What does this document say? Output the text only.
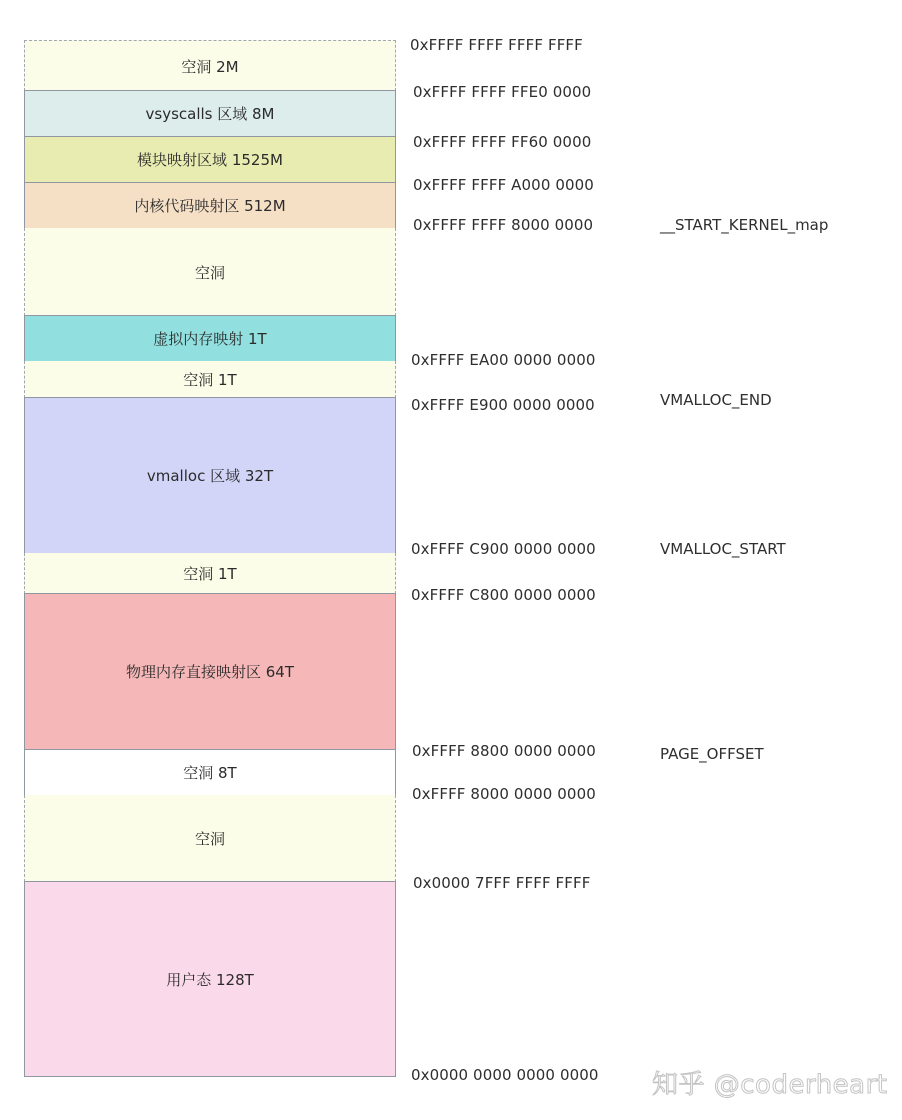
空洞 2M
vsyscalls 区域 8M
模块映射区域 1525M
内核代码映射区 512M
空洞
虚拟内存映射 1T
空洞 1T
vmalloc 区域 32T
空洞 1T
物理内存直接映射区 64T
空洞 8T
空洞
用户态 128T
0xFFFF FFFF FFFF FFFF
0xFFFF FFFF FFE0 0000
0xFFFF FFFF FF60 0000
0xFFFF FFFF A000 0000
0xFFFF FFFF 8000 0000
0xFFFF EA00 0000 0000
0xFFFF E900 0000 0000
0xFFFF C900 0000 0000
0xFFFF C800 0000 0000
0xFFFF 8800 0000 0000
0xFFFF 8000 0000 0000
0x0000 7FFF FFFF FFFF
0x0000 0000 0000 0000
__START_KERNEL_map
VMALLOC_END
VMALLOC_START
PAGE_OFFSET
知乎 @coderheart
